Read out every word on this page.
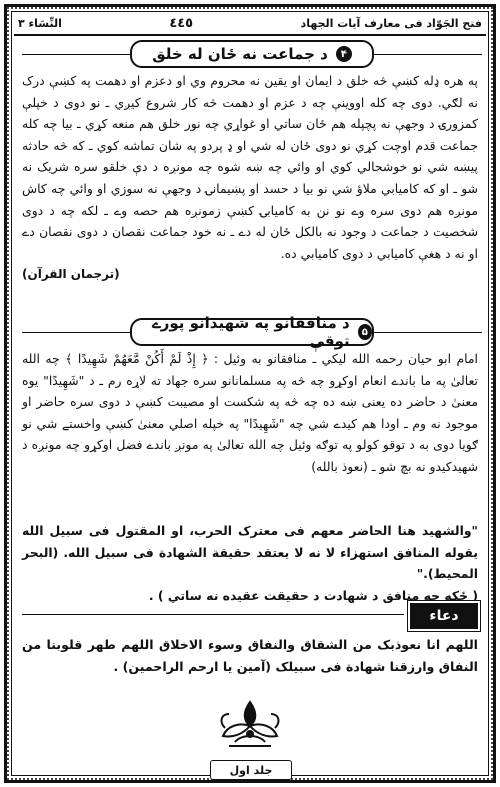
النِّسَاء ٣	٤٤٥	فتح الجَوّاد فى معارف آیات الجهاد
۴
د جماعت نه ځان له خلق

په هره ډله کښې څه خلق د ایمان او یقین نه محروم وي او دعزم او دهمت په کښې درک نه لګي. دوی چه کله اووینې چه د عزم او دهمت څه کار شروع کیږي ـ نو دوی د خپلې کمزورۍ د وجهې نه پچپله هم ځان ساتي او غواړي چه نور خلق هم منعه کړي ـ بیا چه کله جماعت قدم اوچت کړي نو دوی ځان له شي او ډ پردو په شان تماشه کوي ـ که څه حادثه پیښه شي نو خوشحالي کوي او وائي چه ښه شوه چه مونږه د دې خلقو سره شریک نه شو ـ او که کامیابي ملاؤ شي نو بیا د حسد او پښیمانۍ د وجهې نه سوزي او وائي چه کاش مونږه هم دوی سره وے نو نن به کامیابۍ کښې زمونږه هم حصه وے ـ لکه چه د دوی شخصیت د جماعت د وجود نه بالکل ځان له دے ـ نه خود جماعت نقصان د دوی نقصان دے او نه د هغې کامیابي د دوی کامیابي ده.

(ترجمان القرآن)
۵
د منافقانو په شهیدانو پورے توقې

امام ابو حیان رحمه الله لیکي ـ منافقانو به وئیل : ﴿ إِذْ لَمْ أَكُنْ مَّعَهُمْ شَهِيدًا ﴾ چه الله تعالیٰ په ما باندے انعام اوکړو چه څه په مسلمانانو سره جهاد ته لاړه رم ـ د "شَهِيدًا" یوه معنیٰ د حاضر ده یعنی ښه ده چه څه په شکست او مصیبت کښې د دوی سره حاضر او موجود نه وم ـ اودا هم کیدے شي چه "شَهِيدًا" په خپله اصلي معنیٰ کښې واخستے شي نو ګویا دوی به د توقو کولو په توګه وئیل چه الله تعالیٰ په مونږ باندے فضل اوکړو چه مونږه د شهیدکیدو نه بچ شو ـ (نعوذ بالله)

"والشهید هنا الحاضر معهم فى معترک الحرب، او المقتول فى سبیل الله یقوله المنافق استهزاء لا نه لا یعتقد حقیقة الشهادة فى سبیل الله. (البحر المحیط)."

( ځکه چه منافق د شهادت د حقیقت عقیده نه ساتي ) .

دعاء
اللهم انا نعوذبک من الشقاق والنفاق وسوء الاخلاق اللهم طهر قلوبنا من النفاق وارزقنا شهادة فى سبیلک (آمین یا ارحم الراحمین) .
جلد اول
